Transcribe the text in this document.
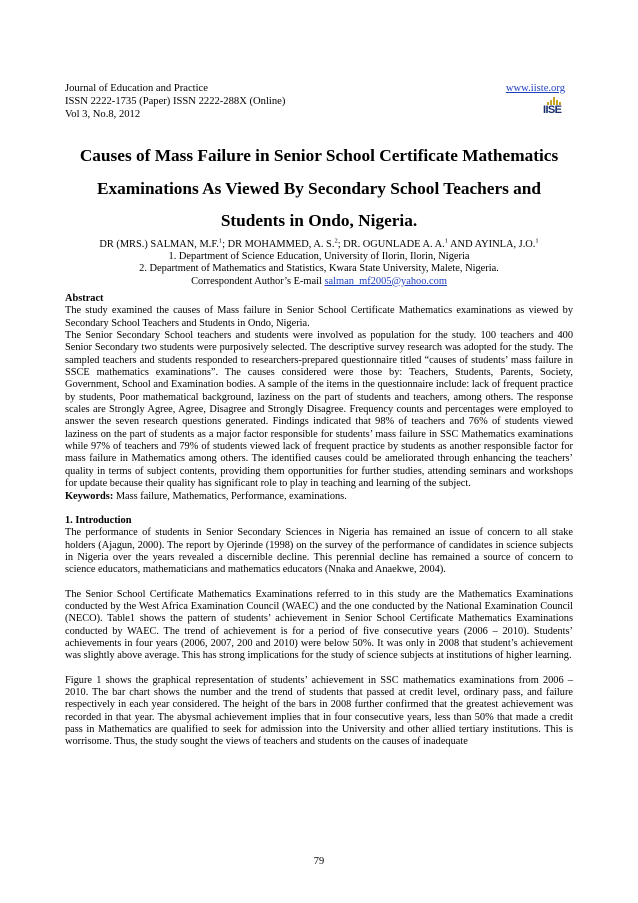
Journal of Education and Practice
ISSN 2222-1735 (Paper) ISSN 2222-288X (Online)
Vol 3, No.8, 2012
www.iiste.org
IISE
Causes of Mass Failure in Senior School Certificate Mathematics
Examinations As Viewed By Secondary School Teachers and
Students in Ondo, Nigeria.
DR (MRS.) SALMAN, M.F.$^1$; DR MOHAMMED, A. S.$^2$; DR. OGUNLADE A. A.$^1$ AND AYINLA, J.O.$^1$
1. Department of Science Education, University of Ilorin, Ilorin, Nigeria
2. Department of Mathematics and Statistics, Kwara State University, Malete, Nigeria.
Correspondent Author’s E-mail salman_mf2005@yahoo.com

Abstract

The study examined the causes of Mass failure in Senior School Certificate Mathematics examinations as viewed by Secondary School Teachers and Students in Ondo, Nigeria.

The Senior Secondary School teachers and students were involved as population for the study. 100 teachers and 400 Senior Secondary two students were purposively selected. The descriptive survey research was adopted for the study. The sampled teachers and students responded to researchers-prepared questionnaire titled “causes of students’ mass failure in SSCE mathematics examinations”. The causes considered were those by: Teachers, Students, Parents, Society, Government, School and Examination bodies. A sample of the items in the questionnaire include: lack of frequent practice by students, Poor mathematical background, laziness on the part of students and teachers, among others. The response scales are Strongly Agree, Agree, Disagree and Strongly Disagree. Frequency counts and percentages were employed to answer the seven research questions generated. Findings indicated that 98% of teachers and 76% of students viewed laziness on the part of students as a major factor responsible for students’ mass failure in SSC Mathematics examinations while 97% of teachers and 79% of students viewed lack of frequent practice by students as another responsible factor for mass failure in Mathematics among others. The identified causes could be ameliorated through enhancing the teachers’ quality in terms of subject contents, providing them opportunities for further studies, attending seminars and workshops for update because their quality has significant role to play in teaching and learning of the subject.

Keywords: Mass failure, Mathematics, Performance, examinations.

1. Introduction

The performance of students in Senior Secondary Sciences in Nigeria has remained an issue of concern to all stake holders (Ajagun, 2000). The report by Ojerinde (1998) on the survey of the performance of candidates in science subjects in Nigeria over the years revealed a discernible decline. This perennial decline has remained a source of concern to science educators, mathematicians and mathematics educators (Nnaka and Anaekwe, 2004).

The Senior School Certificate Mathematics Examinations referred to in this study are the Mathematics Examinations conducted by the West Africa Examination Council (WAEC) and the one conducted by the National Examination Council (NECO). Table1 shows the pattern of students’ achievement in Senior School Certificate Mathematics Examinations conducted by WAEC. The trend of achievement is for a period of five consecutive years (2006 – 2010). Students’ achievements in four years (2006, 2007, 200 and 2010) were below 50%. It was only in 2008 that student’s achievement was slightly above average. This has strong implications for the study of science subjects at institutions of higher learning.

Figure 1 shows the graphical representation of students’ achievement in SSC mathematics examinations from 2006 – 2010. The bar chart shows the number and the trend of students that passed at credit level, ordinary pass, and failure respectively in each year considered. The height of the bars in 2008 further confirmed that the greatest achievement was recorded in that year. The abysmal achievement implies that in four consecutive years, less than 50% that made a credit pass in Mathematics are qualified to seek for admission into the University and other allied tertiary institutions. This is worrisome. Thus, the study sought the views of teachers and students on the causes of inadequate

79
